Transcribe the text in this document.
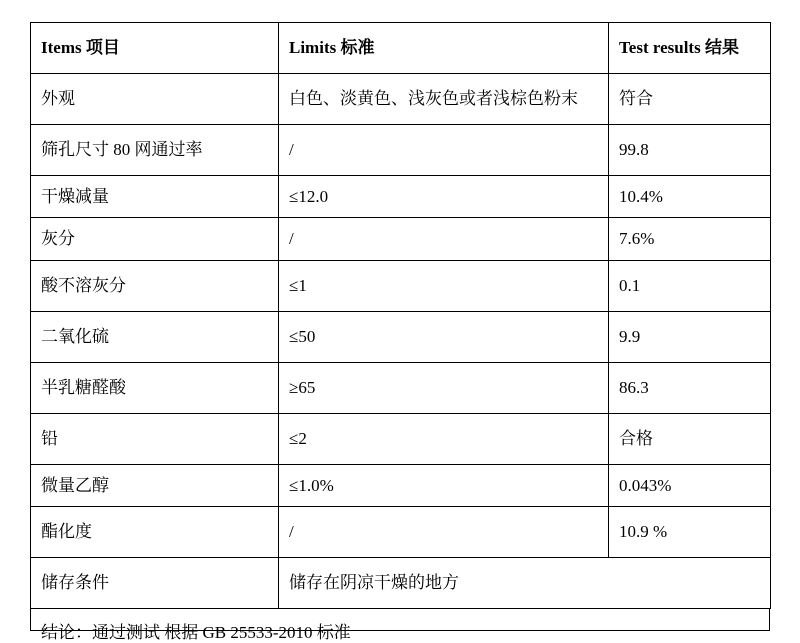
Items 项目	Limits 标准	Test results 结果
外观	白色、淡黄色、浅灰色或者浅棕色粉末	符合
筛孔尺寸 80 网通过率	/	99.8
干燥减量	≤12.0	10.4%
灰分	/	7.6%
酸不溶灰分	≤1	0.1
二氧化硫	≤50	9.9
半乳糖醛酸	≥65	86.3
铅	≤2	合格
微量乙醇	≤1.0%	0.043%
酯化度	/	10.9 %
储存条件	储存在阴凉干燥的地方	
结论：通过测试 根据 GB 25533-2010 标准
